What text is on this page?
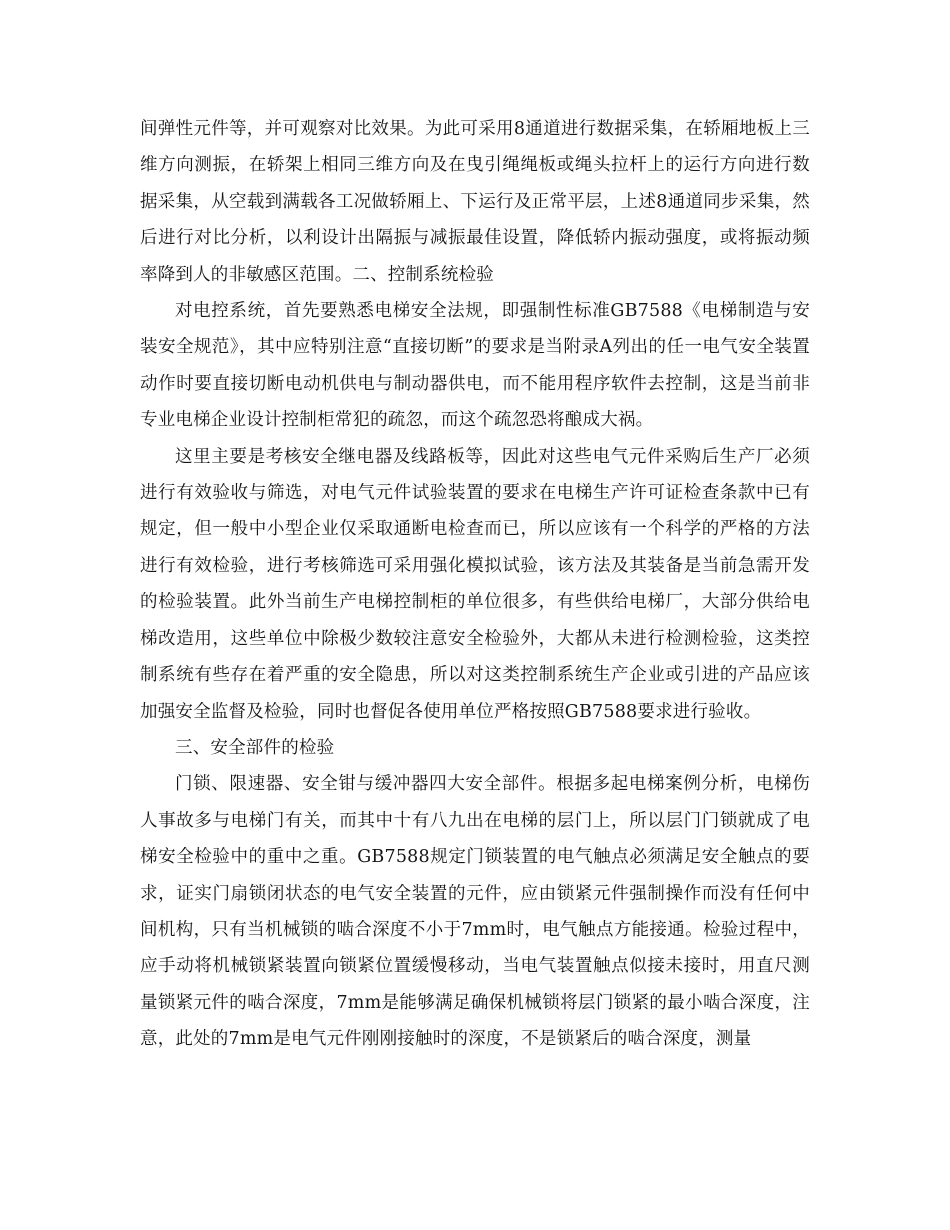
间弹性元件等，并可观察对比效果。为此可采用8通道进行数据采集，在轿厢地板上三维方向测振，在轿架上相同三维方向及在曳引绳绳板或绳头拉杆上的运行方向进行数据采集，从空载到满载各工况做轿厢上、下运行及正常平层，上述8通道同步采集，然后进行对比分析，以利设计出隔振与减振最佳设置，降低轿内振动强度，或将振动频率降到人的非敏感区范围。二、控制系统检验

对电控系统，首先要熟悉电梯安全法规，即强制性标准GB7588《电梯制造与安装安全规范》，其中应特别注意“直接切断”的要求是当附录A列出的任一电气安全装置动作时要直接切断电动机供电与制动器供电，而不能用程序软件去控制，这是当前非专业电梯企业设计控制柜常犯的疏忽，而这个疏忽恐将酿成大祸。

这里主要是考核安全继电器及线路板等，因此对这些电气元件采购后生产厂必须进行有效验收与筛选，对电气元件试验装置的要求在电梯生产许可证检查条款中已有规定，但一般中小型企业仅采取通断电检查而已，所以应该有一个科学的严格的方法进行有效检验，进行考核筛选可采用强化模拟试验，该方法及其装备是当前急需开发的检验装置。此外当前生产电梯控制柜的单位很多，有些供给电梯厂，大部分供给电梯改造用，这些单位中除极少数较注意安全检验外，大都从未进行检测检验，这类控制系统有些存在着严重的安全隐患，所以对这类控制系统生产企业或引进的产品应该加强安全监督及检验，同时也督促各使用单位严格按照GB7588要求进行验收。

三、安全部件的检验

门锁、限速器、安全钳与缓冲器四大安全部件。根据多起电梯案例分析，电梯伤人事故多与电梯门有关，而其中十有八九出在电梯的层门上，所以层门门锁就成了电梯安全检验中的重中之重。GB7588规定门锁装置的电气触点必须满足安全触点的要求，证实门扇锁闭状态的电气安全装置的元件，应由锁紧元件强制操作而没有任何中间机构，只有当机械锁的啮合深度不小于7mm时，电气触点方能接通。检验过程中，应手动将机械锁紧装置向锁紧位置缓慢移动，当电气装置触点似接未接时，用直尺测量锁紧元件的啮合深度，7mm是能够满足确保机械锁将层门锁紧的最小啮合深度，注意，此处的7mm是电气元件刚刚接触时的深度，不是锁紧后的啮合深度，测量
